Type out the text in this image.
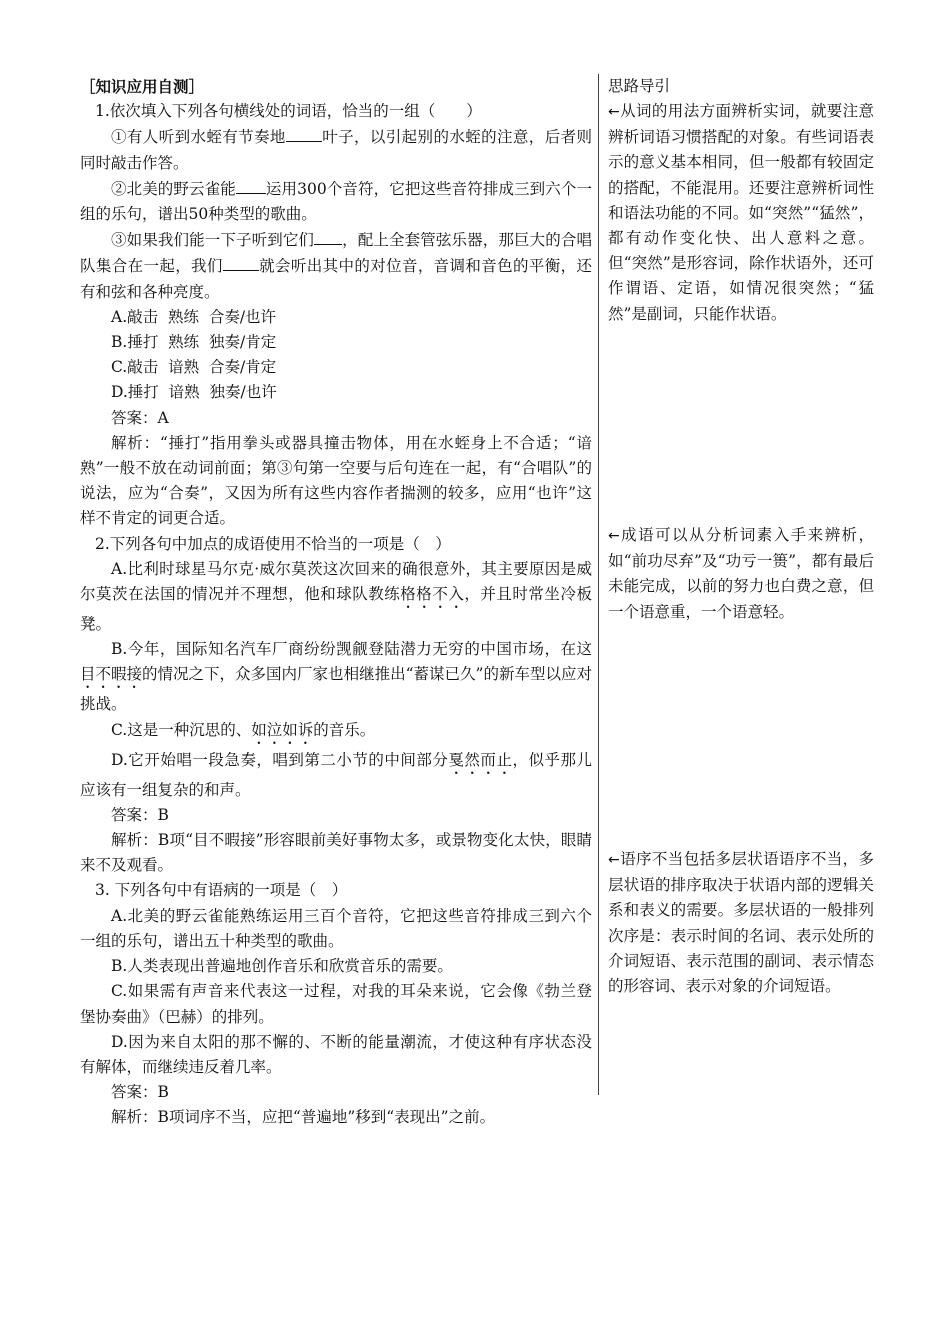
［知识应用自测］

1.依次填入下列各句横线处的词语，恰当的一组（　　）

①有人听到水蛭有节奏地 叶子，以引起别的水蛭的注意，后者则同时敲击作答。

②北美的野云雀能 运用300个音符，它把这些音符排成三到六个一组的乐句，谱出50种类型的歌曲。

③如果我们能一下子听到它们 ，配上全套管弦乐器，那巨大的合唱队集合在一起，我们 就会听出其中的对位音，音调和音色的平衡，还有和弦和各种亮度。

A.敲击  熟练  合奏/也许

B.捶打  熟练  独奏/肯定

C.敲击  谙熟  合奏/肯定

D.捶打  谙熟  独奏/也许

答案：A

解析：“捶打”指用拳头或器具撞击物体，用在水蛭身上不合适；“谙熟”一般不放在动词前面；第③句第一空要与后句连在一起，有“合唱队”的说法，应为“合奏”，又因为所有这些内容作者揣测的较多，应用“也许”这样不肯定的词更合适。

2.下列各句中加点的成语使用不恰当的一项是（　）

A.比利时球星马尔克·威尔莫茨这次回来的确很意外，其主要原因是威尔莫茨在法国的情况并不理想，他和球队教练格格不入，并且时常坐冷板凳。

B.今年，国际知名汽车厂商纷纷觊觎登陆潜力无穷的中国市场，在这目不暇接的情况之下，众多国内厂家也相继推出“蓄谋已久”的新车型以应对挑战。

C.这是一种沉思的、如泣如诉的音乐。

D.它开始唱一段急奏，唱到第二小节的中间部分戛然而止，似乎那儿应该有一组复杂的和声。

答案：B

解析：B项“目不暇接”形容眼前美好事物太多，或景物变化太快，眼睛来不及观看。

3. 下列各句中有语病的一项是（　）

A.北美的野云雀能熟练运用三百个音符，它把这些音符排成三到六个一组的乐句，谱出五十种类型的歌曲。

B.人类表现出普遍地创作音乐和欣赏音乐的需要。

C.如果需有声音来代表这一过程，对我的耳朵来说，它会像《勃兰登堡协奏曲》（巴赫）的排列。

D.因为来自太阳的那不懈的、不断的能量潮流，才使这种有序状态没有解体，而继续违反着几率。

答案：B

解析：B项词序不当，应把“普遍地”移到“表现出”之前。

思路导引

←从词的用法方面辨析实词，就要注意辨析词语习惯搭配的对象。有些词语表示的意义基本相同，但一般都有较固定的搭配，不能混用。还要注意辨析词性和语法功能的不同。如“突然”“猛然”，都有动作变化快、出人意料之意。但“突然”是形容词，除作状语外，还可作谓语、定语，如情况很突然；“猛然”是副词，只能作状语。

←成语可以从分析词素入手来辨析，如“前功尽弃”及“功亏一篑”，都有最后未能完成，以前的努力也白费之意，但一个语意重，一个语意轻。

←语序不当包括多层状语语序不当，多层状语的排序取决于状语内部的逻辑关系和表义的需要。多层状语的一般排列次序是：表示时间的名词、表示处所的介词短语、表示范围的副词、表示情态的形容词、表示对象的介词短语。
